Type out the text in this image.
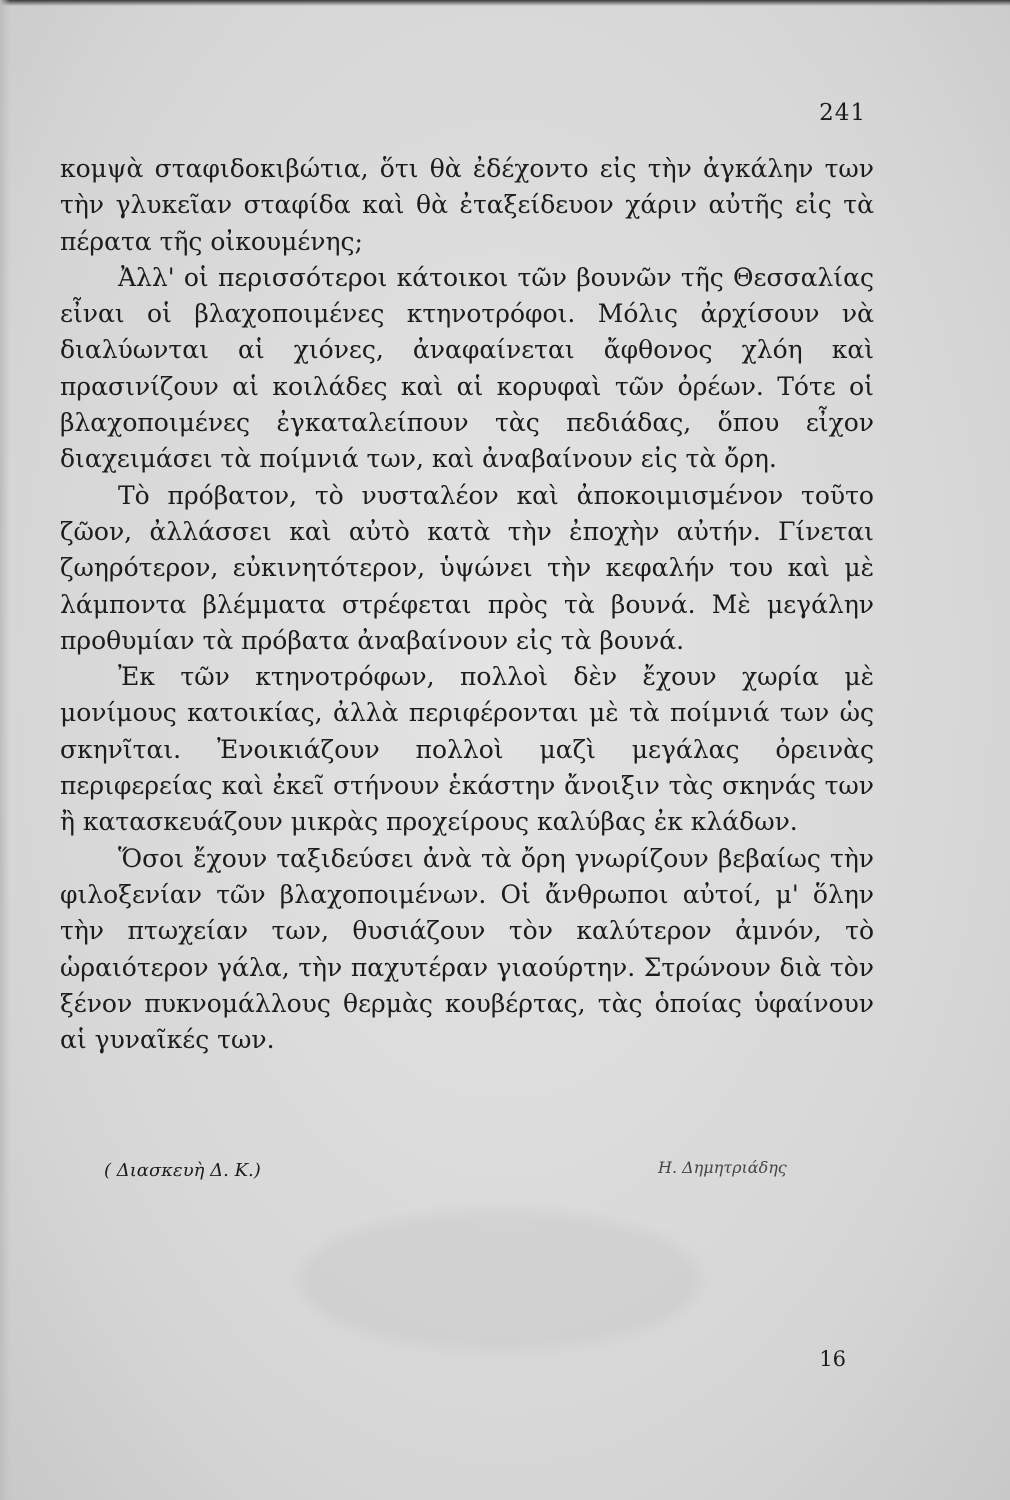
241

κομψὰ σταφιδοκιβώτια, ὅτι θὰ ἐδέχοντο εἰς τὴν ἀγκάλην των τὴν γλυκεῖαν σταφίδα καὶ θὰ ἐταξείδευον χάριν αὐτῆς εἰς τὰ πέρατα τῆς οἰκουμένης;

Ἀλλ' οἱ περισσότεροι κάτοικοι τῶν βουνῶν τῆς Θεσσαλίας εἶναι οἱ βλαχοποιμένες κτηνοτρόφοι. Μόλις ἀρχίσουν νὰ διαλύωνται αἱ χιόνες, ἀναφαίνεται ἄφθονος χλόη καὶ πρασινίζουν αἱ κοιλάδες καὶ αἱ κορυφαὶ τῶν ὀρέων. Τότε οἱ βλαχοποιμένες ἐγκαταλείπουν τὰς πεδιάδας, ὅπου εἶχον διαχειμάσει τὰ ποίμνιά των, καὶ ἀναβαίνουν εἰς τὰ ὄρη.

Τὸ πρόβατον, τὸ νυσταλέον καὶ ἀποκοιμισμένον τοῦτο ζῶον, ἀλλάσσει καὶ αὐτὸ κατὰ τὴν ἐποχὴν αὐτήν. Γίνεται ζωηρότερον, εὐκινητότερον, ὑψώνει τὴν κεφαλήν του καὶ μὲ λάμποντα βλέμματα στρέφεται πρὸς τὰ βουνά. Μὲ μεγάλην προθυμίαν τὰ πρόβατα ἀναβαίνουν εἰς τὰ βουνά.

Ἐκ τῶν κτηνοτρόφων, πολλοὶ δὲν ἔχουν χωρία μὲ μονίμους κατοικίας, ἀλλὰ περιφέρονται μὲ τὰ ποίμνιά των ὡς σκηνῖται. Ἐνοικιάζουν πολλοὶ μαζὶ μεγάλας ὀρεινὰς περιφερείας καὶ ἐκεῖ στήνουν ἑκάστην ἄνοιξιν τὰς σκηνάς των ἢ κατασκευάζουν μικρὰς προχείρους καλύβας ἐκ κλάδων.

Ὅσοι ἔχουν ταξιδεύσει ἀνὰ τὰ ὄρη γνωρίζουν βεβαίως τὴν φιλοξενίαν τῶν βλαχοποιμένων. Οἱ ἄνθρωποι αὐτοί, μ' ὅλην τὴν πτωχείαν των, θυσιάζουν τὸν καλύτερον ἀμνόν, τὸ ὡραιότερον γάλα, τὴν παχυτέραν γιαούρτην. Στρώνουν διὰ τὸν ξένον πυκνομάλλους θερμὰς κουβέρτας, τὰς ὁποίας ὑφαίνουν αἱ γυναῖκές των.

( Διασκευὴ Δ. Κ.)	Η. Δημητριάδης
16
